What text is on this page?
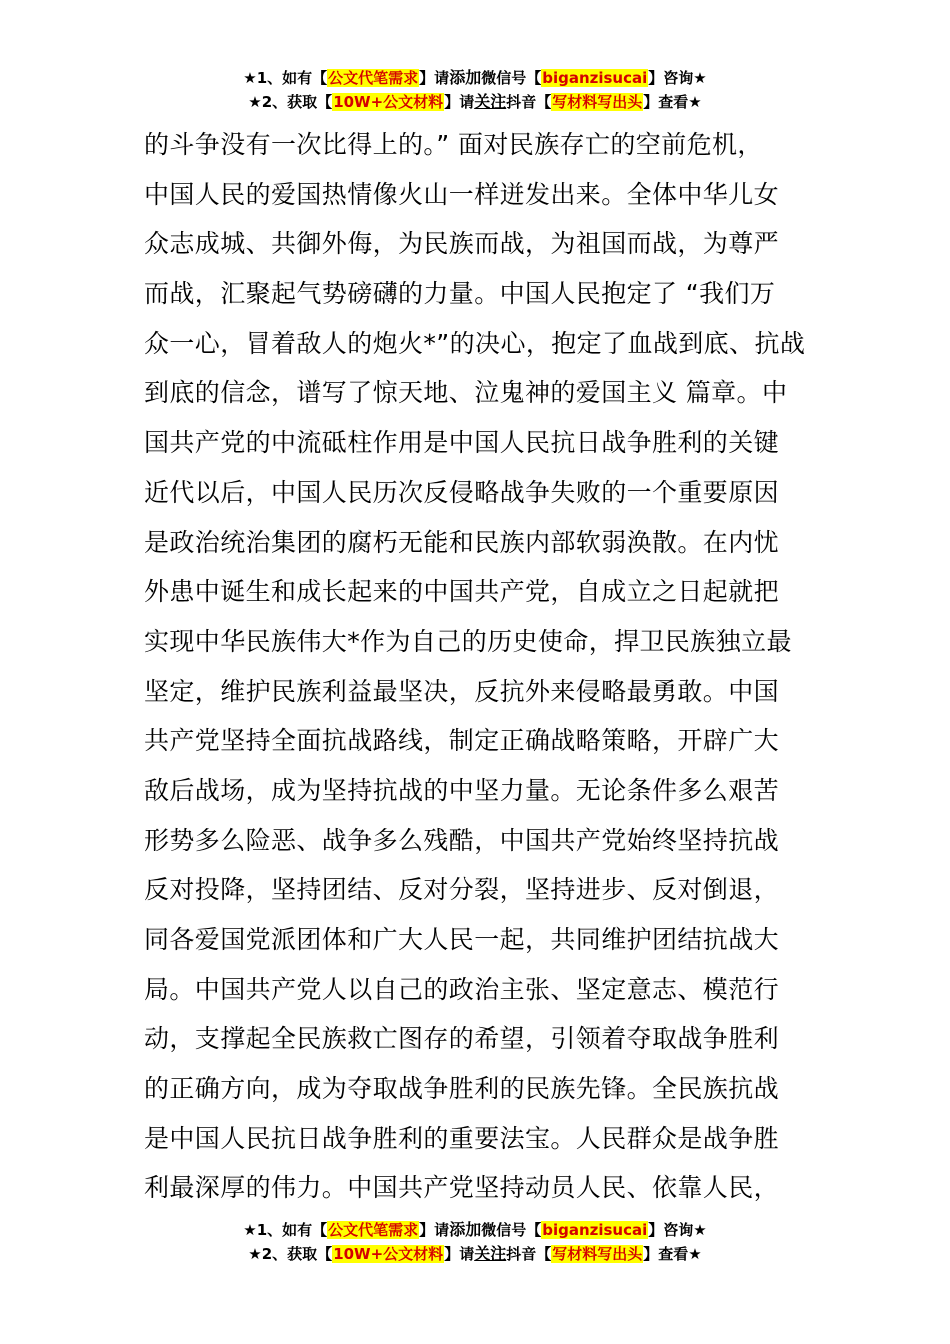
★1、如有【公文代笔需求】请添加微信号【biganzisucai】咨询★
★2、获取【10W+公文材料】请关注抖音【写材料写出头】查看★
的斗争没有一次比得上的。” 面对民族存亡的空前危机，
中国人民的爱国热情像火山一样迸发出来。全体中华儿女
众志成城、共御外侮，为民族而战，为祖国而战，为尊严
而战，汇聚起气势磅礴的力量。中国人民抱定了 “我们万
众一心，冒着敌人的炮火*”的决心，抱定了血战到底、抗战
到底的信念，谱写了惊天地、泣鬼神的爱国主义 篇章。中
国共产党的中流砥柱作用是中国人民抗日战争胜利的关键
近代以后，中国人民历次反侵略战争失败的一个重要原因
是政治统治集团的腐朽无能和民族内部软弱涣散。在内忧
外患中诞生和成长起来的中国共产党，自成立之日起就把
实现中华民族伟大*作为自己的历史使命，捍卫民族独立最
坚定，维护民族利益最坚决，反抗外来侵略最勇敢。中国
共产党坚持全面抗战路线，制定正确战略策略，开辟广大
敌后战场，成为坚持抗战的中坚力量。无论条件多么艰苦
形势多么险恶、战争多么残酷，中国共产党始终坚持抗战
反对投降，坚持团结、反对分裂，坚持进步、反对倒退，
同各爱国党派团体和广大人民一起，共同维护团结抗战大
局。中国共产党人以自己的政治主张、坚定意志、模范行
动，支撑起全民族救亡图存的希望，引领着夺取战争胜利
的正确方向，成为夺取战争胜利的民族先锋。全民族抗战
是中国人民抗日战争胜利的重要法宝。人民群众是战争胜
利最深厚的伟力。中国共产党坚持动员人民、依靠人民，
★1、如有【公文代笔需求】请添加微信号【biganzisucai】咨询★
★2、获取【10W+公文材料】请关注抖音【写材料写出头】查看★
